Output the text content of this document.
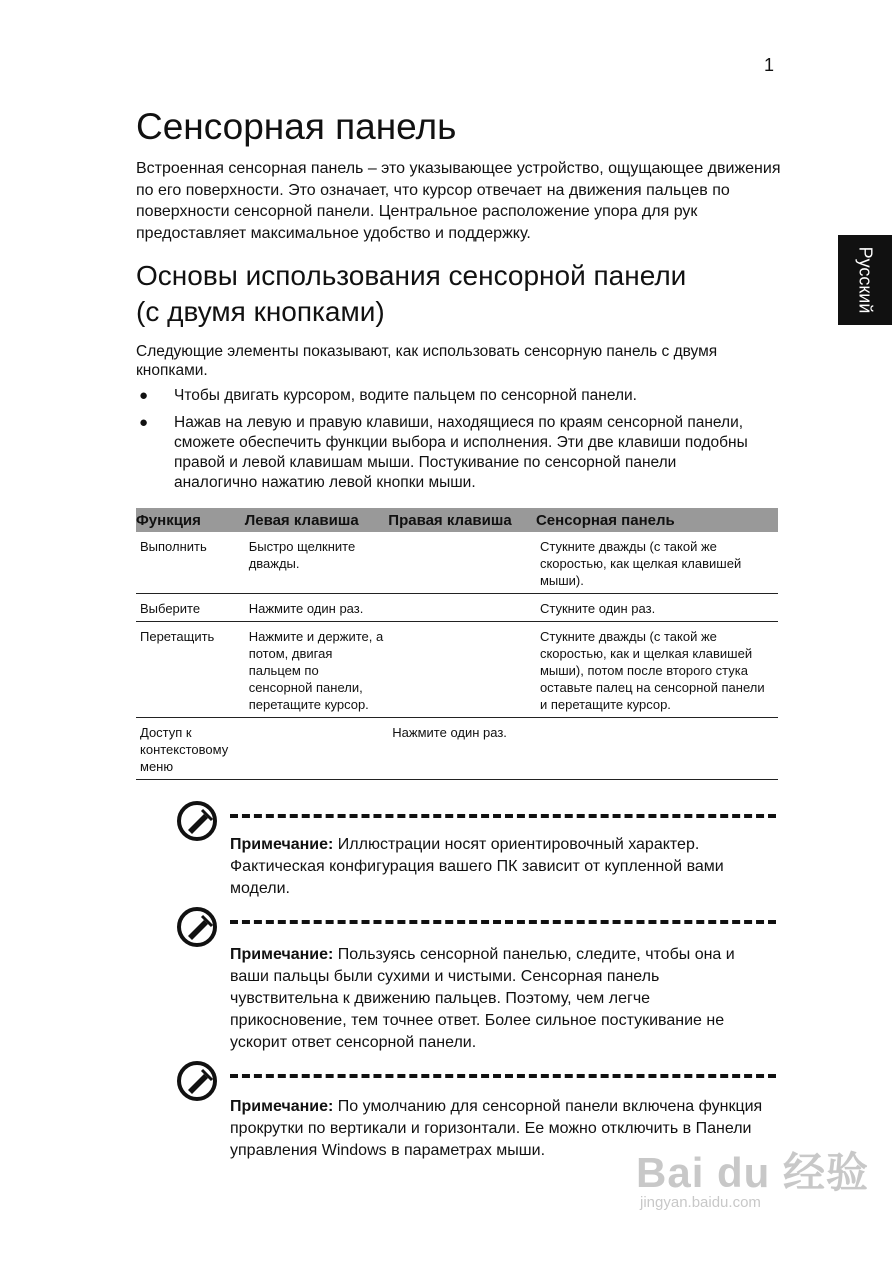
1
Русский
Сенсорная панель

Встроенная сенсорная панель – это указывающее устройство, ощущающее движения по его поверхности. Это означает, что курсор отвечает на движения пальцев по поверхности сенсорной панели. Центральное расположение упора для рук предоставляет максимальное удобство и поддержку.

Основы использования сенсорной панели
(с двумя кнопками)

Следующие элементы показывают, как использовать сенсорную панель с двумя кнопками.

● Чтобы двигать курсором, водите пальцем по сенсорной панели.
● Нажав на левую и правую клавиши, находящиеся по краям сенсорной панели, сможете обеспечить функции выбора и исполнения. Эти две клавиши подобны правой и левой клавишам мыши. Постукивание по сенсорной панели аналогично нажатию левой кнопки мыши.
Функция	Левая клавиша	Правая клавиша	Сенсорная панель
Выполнить	Быстро щелкните дважды.		Стукните дважды (с такой же скоростью, как щелкая клавишей мыши).
Выберите	Нажмите один раз.		Стукните один раз.
Перетащить	Нажмите и держите, а потом, двигая пальцем по сенсорной панели, перетащите курсор.		Стукните дважды (с такой же скоростью, как и щелкая клавишей мыши), потом после второго стука оставьте палец на сенсорной панели и перетащите курсор.
Доступ к контекстовому меню		Нажмите один раз.	
Примечание: Иллюстрации носят ориентировочный характер. Фактическая конфигурация вашего ПК зависит от купленной вами модели.
Примечание: Пользуясь сенсорной панелью, следите, чтобы она и ваши пальцы были сухими и чистыми. Сенсорная панель чувствительна к движению пальцев. Поэтому, чем легче прикосновение, тем точнее ответ. Более сильное постукивание не ускорит ответ сенсорной панели.
Примечание: По умолчанию для сенсорной панели включена функция прокрутки по вертикали и горизонтали. Ее можно отключить в Панели управления Windows в параметрах мыши.	Bai du 经验
jingyan.baidu.com
